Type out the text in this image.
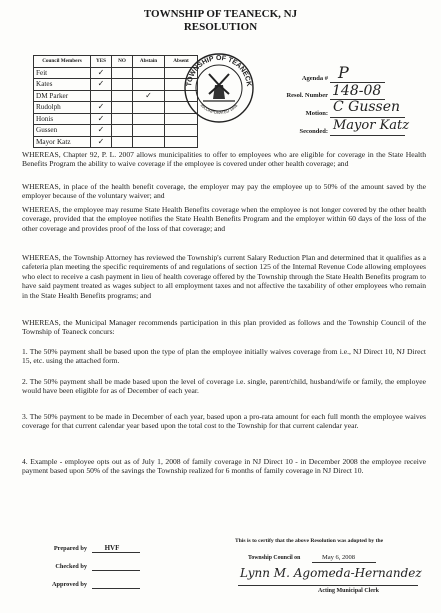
TOWNSHIP OF TEANECK, NJ
RESOLUTION
Council Members	YES	NO	Abstain	Absent
Feit	✓			
Kates	✓			
DM Parker			✓	
Rudolph	✓			
Honis	✓			
Gussen	✓			
Mayor Katz	✓			
TOWNSHIP OF TEANECK
INCORPORATED 1895
Agenda # P
Resol. Number 148-08
Motion: C Gussen
Seconded: Mayor Katz

WHEREAS, Chapter 92, P. L. 2007 allows municipalities to offer to employees who are eligible for coverage in the State Health Benefits Program the ability to waive coverage if the employee is covered under other health coverage; and

WHEREAS, in place of the health benefit coverage, the employer may pay the employee up to 50% of the amount saved by the employer because of the voluntary waiver; and

WHEREAS, the employee may resume State Health Benefits coverage when the employee is not longer covered by the other health coverage, provided that the employee notifies the State Health Benefits Program and the employer within 60 days of the loss of the other coverage and provides proof of the loss of that coverage; and

WHEREAS, the Township Attorney has reviewed the Township's current Salary Reduction Plan and determined that it qualifies as a cafeteria plan meeting the specific requirements of and regulations of section 125 of the Internal Revenue Code allowing employees who elect to receive a cash payment in lieu of health coverage offered by the Township through the State Health Benefits program to have said payment treated as wages subject to all employment taxes and not affective the taxability of other employees who remain in the State Health Benefits programs; and

WHEREAS, the Municipal Manager recommends participation in this plan provided as follows and the Township Council of the Township of Teaneck concurs:

1. The 50% payment shall be based upon the type of plan the employee initially waives coverage from i.e., NJ Direct 10, NJ Direct 15, etc. using the attached form.

2. The 50% payment shall be made based upon the level of coverage i.e. single, parent/child, husband/wife or family, the employee would have been eligible for as of December of each year.

3. The 50% payment to be made in December of each year, based upon a pro-rata amount for each full month the employee waives coverage for that current calendar year based upon the total cost to the Township for that current calendar year.

4. Example - employee opts out as of July 1, 2008 of family coverage in NJ Direct 10 - in December 2008 the employee receive payment based upon 50% of the savings the Township realized for 6 months of family coverage in NJ Direct 10.

Prepared by	HVF
Checked by
Approved by
This is to certify that the above Resolution was adopted by the
Township Council on	May 6, 2008
Lynn M. Agomeda-Hernandez
Acting Municipal Clerk
